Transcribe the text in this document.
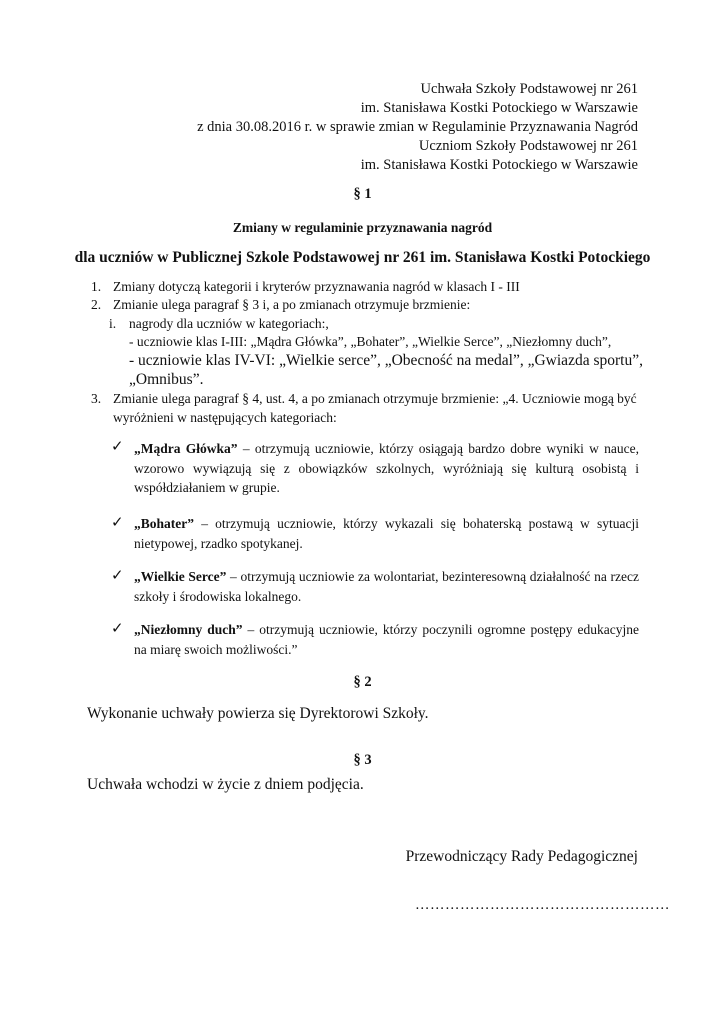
Uchwała Szkoły Podstawowej nr 261
im. Stanisława Kostki Potockiego w Warszawie
z dnia 30.08.2016 r. w sprawie zmian w Regulaminie Przyznawania Nagród
Uczniom Szkoły Podstawowej nr 261
im. Stanisława Kostki Potockiego w Warszawie
§ 1
Zmiany w regulaminie przyznawania nagród
dla uczniów w Publicznej Szkole Podstawowej nr 261 im. Stanisława Kostki Potockiego
1. Zmiany dotyczą kategorii i kryterów przyznawania nagród w klasach I - III
2. Zmianie ulega paragraf § 3 i, a po zmianach otrzymuje brzmienie:
i. nagrody dla uczniów w kategoriach:,
- uczniowie klas I-III: „Mądra Główka”, „Bohater”, „Wielkie Serce”, „Niezłomny duch”,
- uczniowie klas IV-VI: „Wielkie serce”, „Obecność na medal”, „Gwiazda sportu”,
„Omnibus”.
3. Zmianie ulega paragraf § 4, ust. 4, a po zmianach otrzymuje brzmienie: „4. Uczniowie mogą być
wyróżnieni w następujących kategoriach:
✓ „Mądra Główka” – otrzymują uczniowie, którzy osiągają bardzo dobre wyniki w nauce, wzorowo wywiązują się z obowiązków szkolnych, wyróżniają się kulturą osobistą i współdziałaniem w grupie.
✓ „Bohater” – otrzymują uczniowie, którzy wykazali się bohaterską postawą w sytuacji nietypowej, rzadko spotykanej.
✓ „Wielkie Serce” – otrzymują uczniowie za wolontariat, bezinteresowną działalność na rzecz szkoły i środowiska lokalnego.
✓ „Niezłomny duch” – otrzymują uczniowie, którzy poczynili ogromne postępy edukacyjne na miarę swoich możliwości.”
§ 2
Wykonanie uchwały powierza się Dyrektorowi Szkoły.
§ 3
Uchwała wchodzi w życie z dniem podjęcia.
Przewodniczący Rady Pedagogicznej
……………………………………………
